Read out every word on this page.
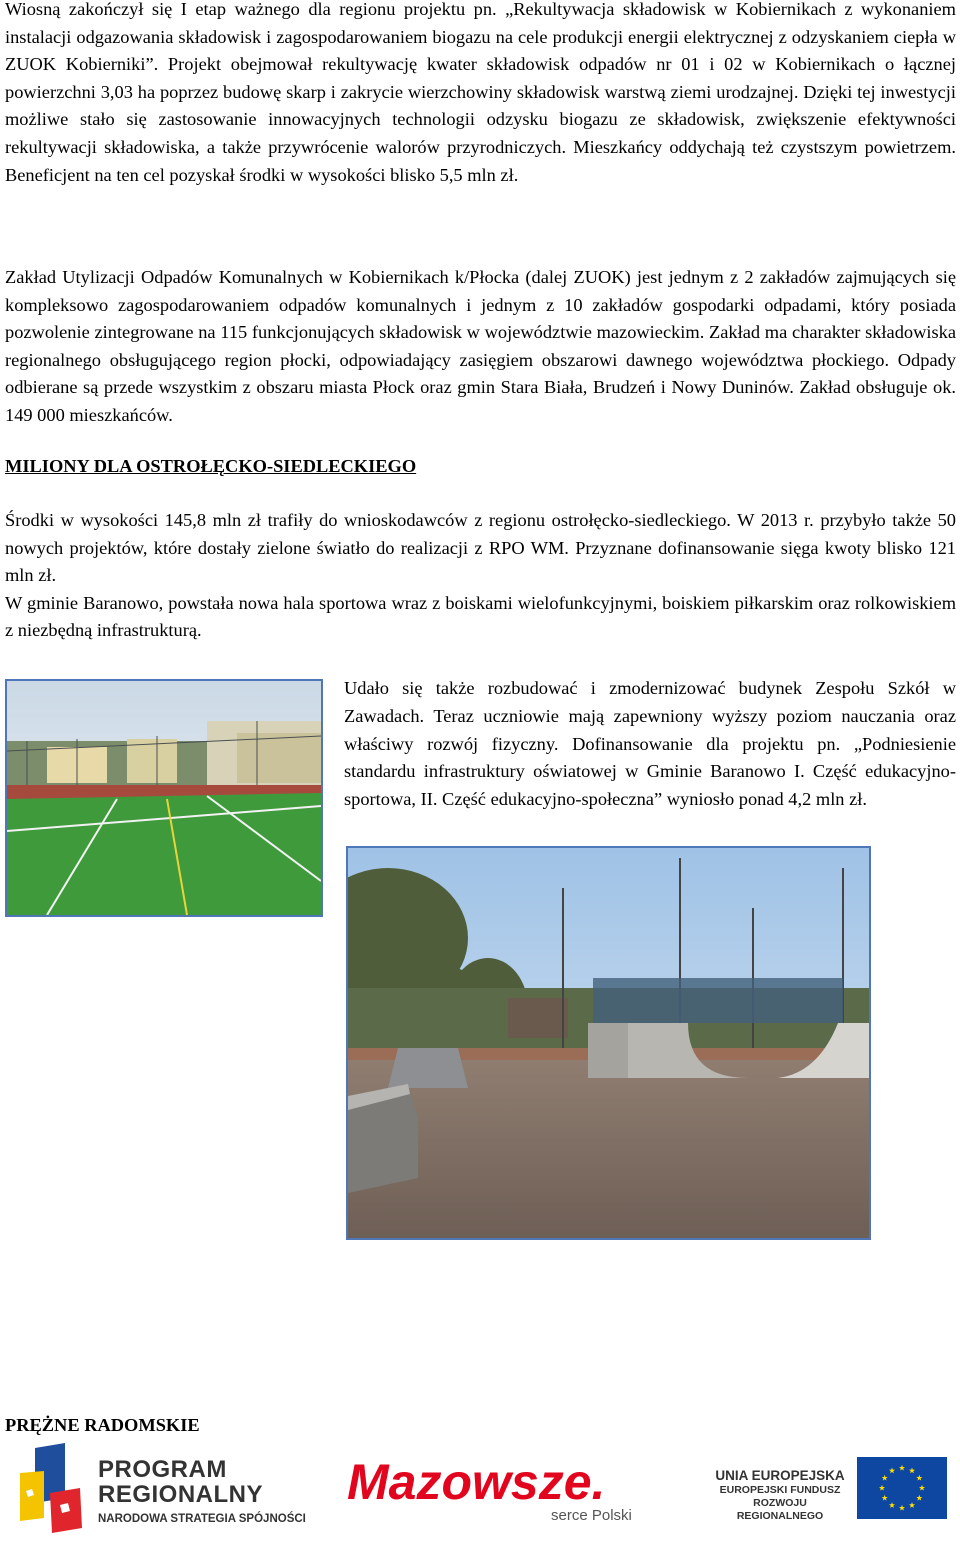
Wiosną zakończył się I etap ważnego dla regionu projektu pn. „Rekultywacja składowisk w Kobiernikach z wykonaniem instalacji odgazowania składowisk i zagospodarowaniem biogazu na cele produkcji energii elektrycznej z odzyskaniem ciepła w ZUOK Kobierniki”. Projekt obejmował rekultywację kwater składowisk odpadów nr 01 i 02 w Kobiernikach o łącznej powierzchni 3,03 ha poprzez budowę skarp i zakrycie wierzchowiny składowisk warstwą ziemi urodzajnej. Dzięki tej inwestycji możliwe stało się zastosowanie innowacyjnych technologii odzysku biogazu ze składowisk, zwiększenie efektywności rekultywacji składowiska, a także przywrócenie walorów przyrodniczych. Mieszkańcy oddychają też czystszym powietrzem. Beneficjent na ten cel pozyskał środki w wysokości blisko 5,5 mln zł.

Zakład Utylizacji Odpadów Komunalnych w Kobiernikach k/Płocka (dalej ZUOK) jest jednym z 2 zakładów zajmujących się kompleksowo zagospodarowaniem odpadów komunalnych i jednym z 10 zakładów gospodarki odpadami, który posiada pozwolenie zintegrowane na 115 funkcjonujących składowisk w województwie mazowieckim. Zakład ma charakter składowiska regionalnego obsługującego region płocki, odpowiadający zasięgiem obszarowi dawnego województwa płockiego. Odpady odbierane są przede wszystkim z obszaru miasta Płock oraz gmin Stara Biała, Brudzeń i Nowy Duninów. Zakład obsługuje ok. 149 000 mieszkańców.

MILIONY DLA OSTROŁĘCKO-SIEDLECKIEGO
Środki w wysokości 145,8 mln zł trafiły do wnioskodawców z regionu ostrołęcko-siedleckiego. W 2013 r. przybyło także 50 nowych projektów, które dostały zielone światło do realizacji z RPO WM. Przyznane dofinansowanie sięga kwoty blisko 121 mln zł.
W gminie Baranowo, powstała nowa hala sportowa wraz z boiskami wielofunkcyjnymi, boiskiem piłkarskim oraz rolkowiskiem z niezbędną infrastrukturą.

Udało się także rozbudować i zmodernizować budynek Zespołu Szkół w Zawadach. Teraz uczniowie mają zapewniony wyższy poziom nauczania oraz właściwy rozwój fizyczny. Dofinansowanie dla projektu pn. „Podniesienie standardu infrastruktury oświatowej w Gminie Baranowo I. Część edukacyjno-sportowa, II. Część edukacyjno-społeczna” wyniosło ponad 4,2 mln zł.

PRĘŻNE RADOMSKIE
PROGRAM
REGIONALNY
NARODOWA STRATEGIA SPÓJNOŚCI
Mazowsze.
serce Polski
UNIA EUROPEJSKA
EUROPEJSKI FUNDUSZ
ROZWOJU REGIONALNEGO
